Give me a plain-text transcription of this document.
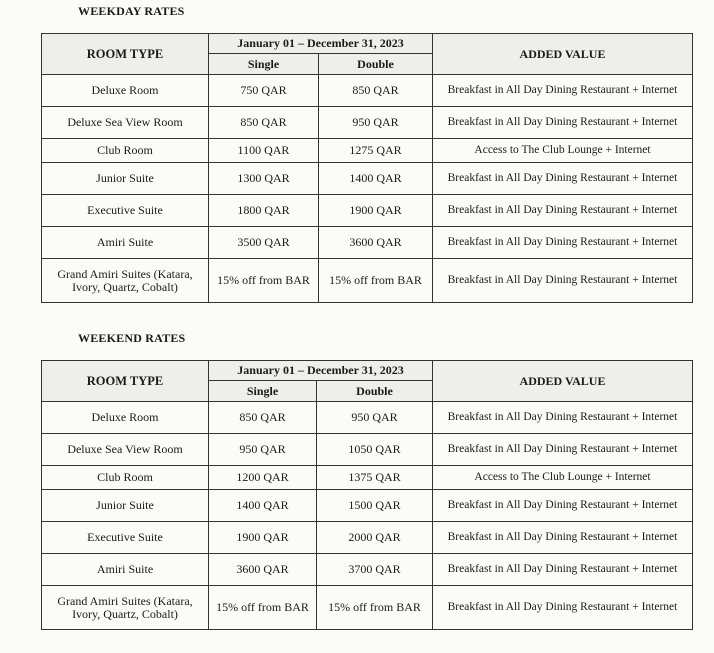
WEEKDAY RATES
ROOM TYPE	January 01 – December 31, 2023		ADDED VALUE
	Single	Double	
Deluxe Room	750 QAR	850 QAR	Breakfast in All Day Dining Restaurant + Internet
Deluxe Sea View Room	850 QAR	950 QAR	Breakfast in All Day Dining Restaurant + Internet
Club Room	1100 QAR	1275 QAR	Access to The Club Lounge + Internet
Junior Suite	1300 QAR	1400 QAR	Breakfast in All Day Dining Restaurant + Internet
Executive Suite	1800 QAR	1900 QAR	Breakfast in All Day Dining Restaurant + Internet
Amiri Suite	3500 QAR	3600 QAR	Breakfast in All Day Dining Restaurant + Internet
Grand Amiri Suites (Katara, Ivory, Quartz, Cobalt)	15% off from BAR	15% off from BAR	Breakfast in All Day Dining Restaurant + Internet
WEEKEND RATES
ROOM TYPE	January 01 – December 31, 2023		ADDED VALUE
	Single	Double	
Deluxe Room	850 QAR	950 QAR	Breakfast in All Day Dining Restaurant + Internet
Deluxe Sea View Room	950 QAR	1050 QAR	Breakfast in All Day Dining Restaurant + Internet
Club Room	1200 QAR	1375 QAR	Access to The Club Lounge + Internet
Junior Suite	1400 QAR	1500 QAR	Breakfast in All Day Dining Restaurant + Internet
Executive Suite	1900 QAR	2000 QAR	Breakfast in All Day Dining Restaurant + Internet
Amiri Suite	3600 QAR	3700 QAR	Breakfast in All Day Dining Restaurant + Internet
Grand Amiri Suites (Katara, Ivory, Quartz, Cobalt)	15% off from BAR	15% off from BAR	Breakfast in All Day Dining Restaurant + Internet
